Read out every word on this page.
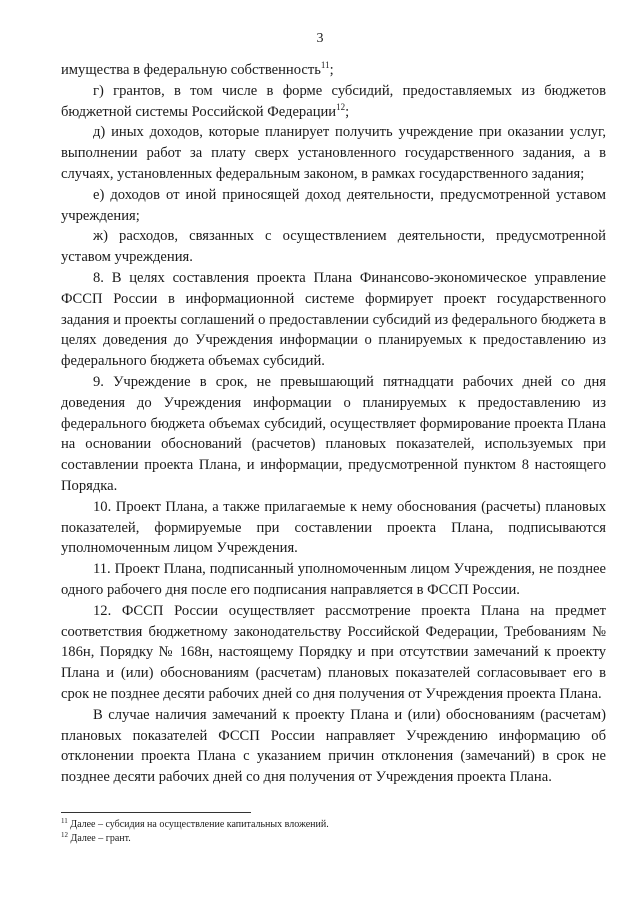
3

имущества в федеральную собственность$^{11}$;

г) грантов, в том числе в форме субсидий, предоставляемых из бюджетов бюджетной системы Российской Федерации$^{12}$;

д) иных доходов, которые планирует получить учреждение при оказании услуг, выполнении работ за плату сверх установленного государственного задания, а в случаях, установленных федеральным законом, в рамках государственного задания;

е) доходов от иной приносящей доход деятельности, предусмотренной уставом учреждения;

ж) расходов, связанных с осуществлением деятельности, предусмотренной уставом учреждения.

8. В целях составления проекта Плана Финансово-экономическое управление ФССП России в информационной системе формирует проект государственного задания и проекты соглашений о предоставлении субсидий из федерального бюджета в целях доведения до Учреждения информации о планируемых к предоставлению из федерального бюджета объемах субсидий.

9. Учреждение в срок, не превышающий пятнадцати рабочих дней со дня доведения до Учреждения информации о планируемых к предоставлению из федерального бюджета объемах субсидий, осуществляет формирование проекта Плана на основании обоснований (расчетов) плановых показателей, используемых при составлении проекта Плана, и информации, предусмотренной пунктом 8 настоящего Порядка.

10. Проект Плана, а также прилагаемые к нему обоснования (расчеты) плановых показателей, формируемые при составлении проекта Плана, подписываются уполномоченным лицом Учреждения.

11. Проект Плана, подписанный уполномоченным лицом Учреждения, не позднее одного рабочего дня после его подписания направляется в ФССП России.

12. ФССП России осуществляет рассмотрение проекта Плана на предмет соответствия бюджетному законодательству Российской Федерации, Требованиям № 186н, Порядку № 168н, настоящему Порядку и при отсутствии замечаний к проекту Плана и (или) обоснованиям (расчетам) плановых показателей согласовывает его в срок не позднее десяти рабочих дней со дня получения от Учреждения проекта Плана.

В случае наличия замечаний к проекту Плана и (или) обоснованиям (расчетам) плановых показателей ФССП России направляет Учреждению информацию об отклонении проекта Плана с указанием причин отклонения (замечаний) в срок не позднее десяти рабочих дней со дня получения от Учреждения проекта Плана.

$^{11}$ Далее – субсидия на осуществление капитальных вложений.

$^{12}$ Далее – грант.
